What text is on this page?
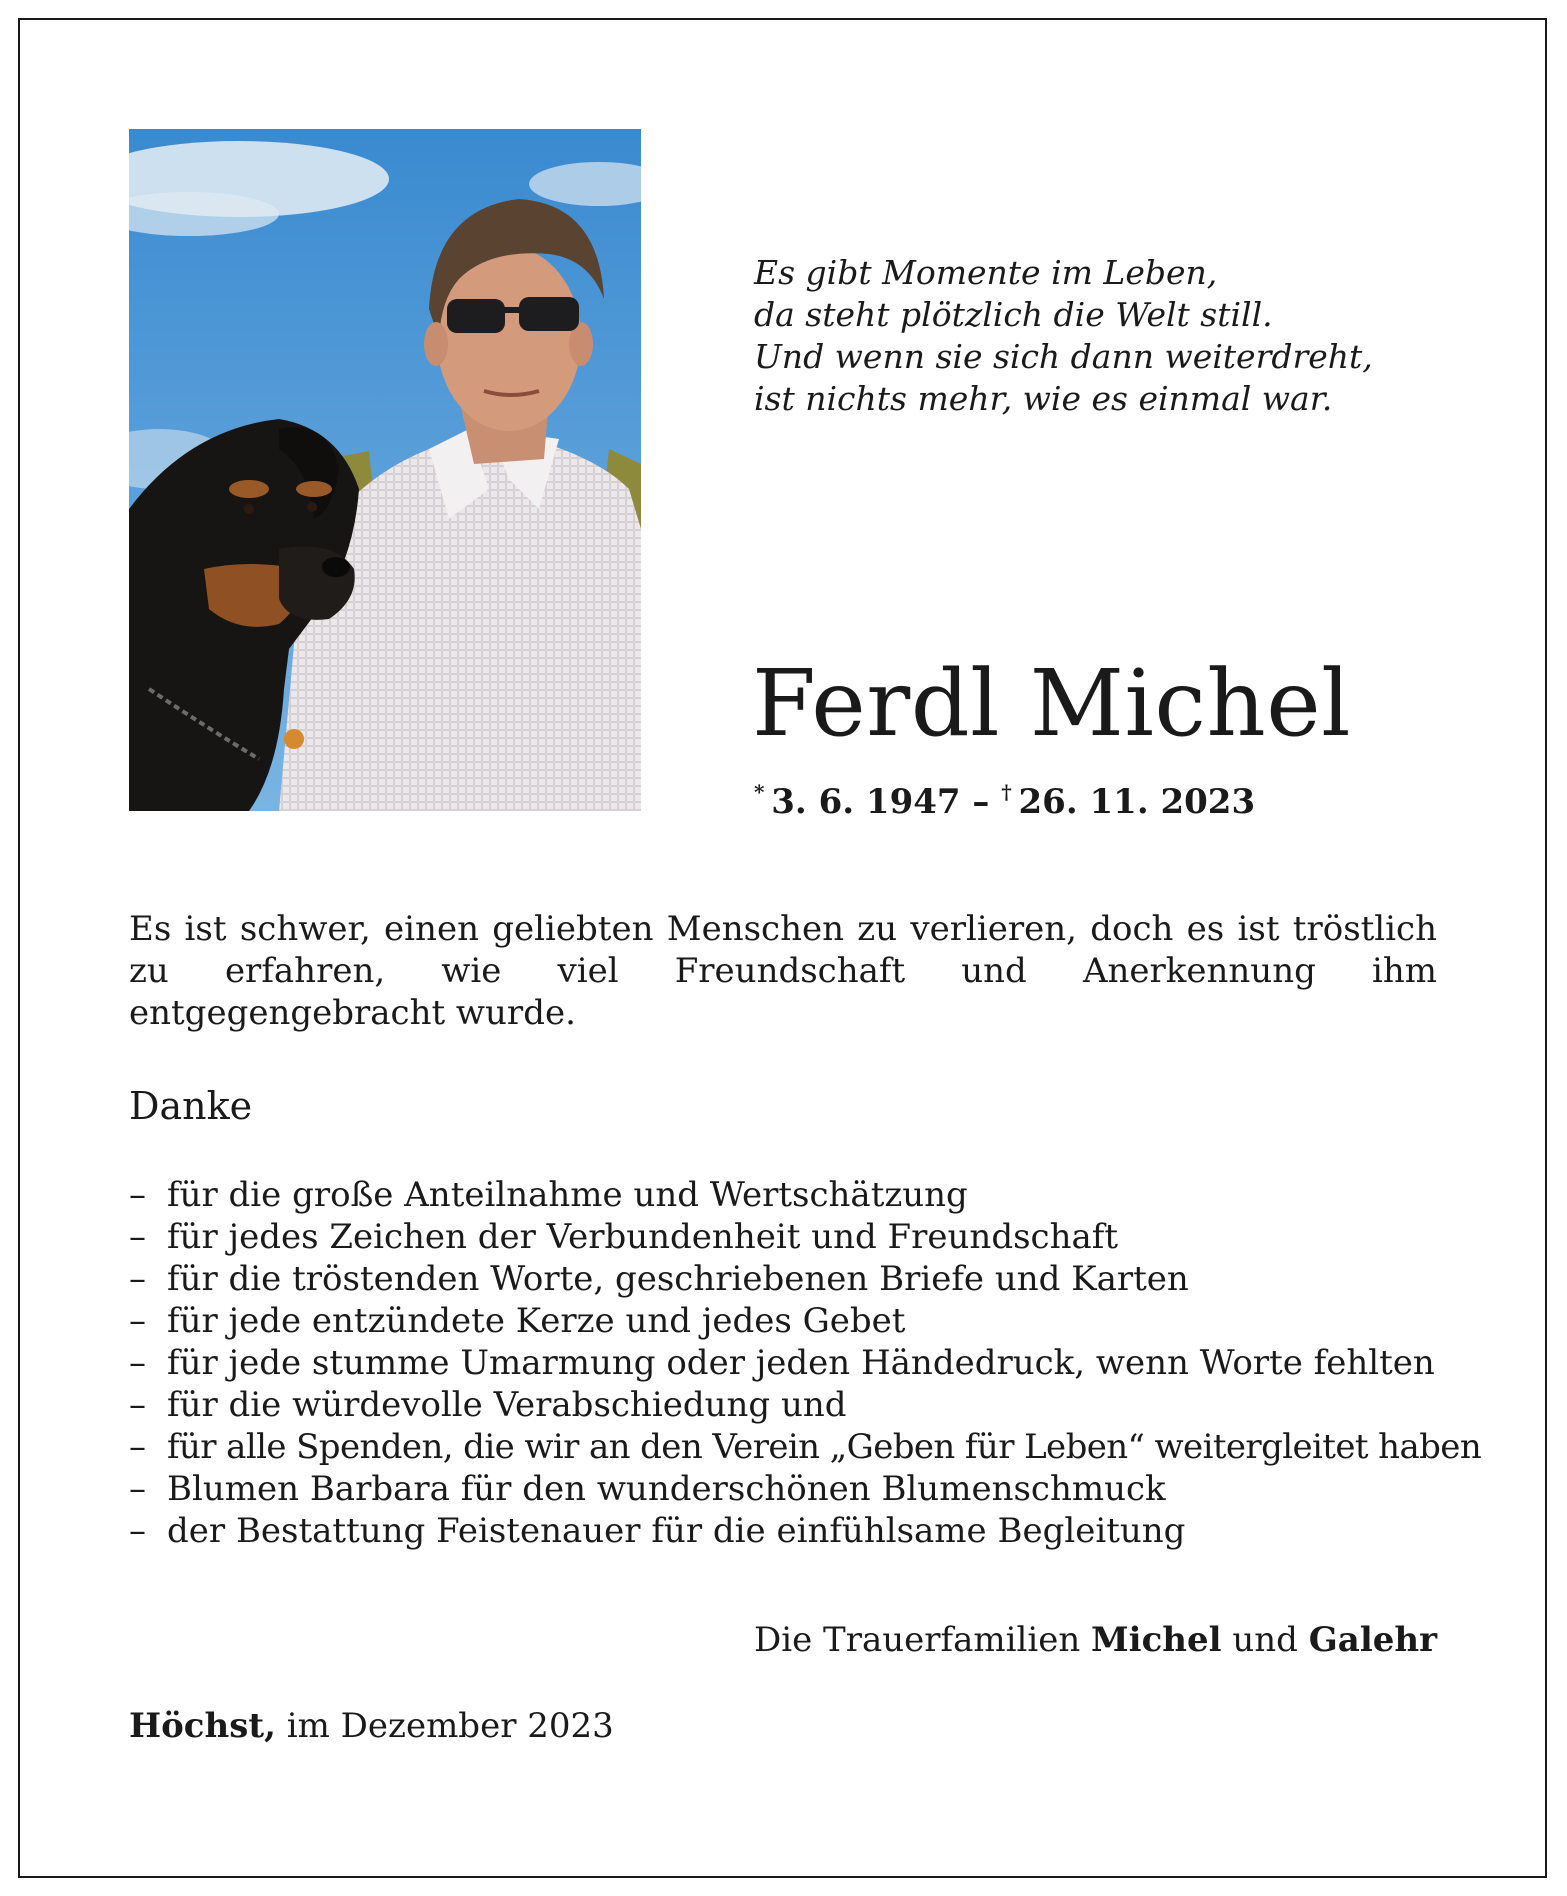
Es gibt Momente im Leben,
da steht plötzlich die Welt still.
Und wenn sie sich dann weiterdreht,
ist nichts mehr, wie es einmal war.
Ferdl Michel
*  3. 6. 1947 – †  26. 11. 2023
Es ist schwer, einen geliebten Menschen zu verlieren, doch es ist tröstlich zu erfahren, wie viel Freundschaft und Anerkennung ihm entgegengebracht wurde.
Danke
– für die große Anteilnahme und Wertschätzung
– für jedes Zeichen der Verbundenheit und Freundschaft
– für die tröstenden Worte, geschriebenen Briefe und Karten
– für jede entzündete Kerze und jedes Gebet
– für jede stumme Umarmung oder jeden Händedruck, wenn Worte fehlten
– für die würdevolle Verabschiedung und
– für alle Spenden, die wir an den Verein „Geben für Leben“ weitergleitet haben
– Blumen Barbara für den wunderschönen Blumenschmuck
– der Bestattung Feistenauer für die einfühlsame Begleitung
Die Trauerfamilien Michel und Galehr
Höchst, im Dezember 2023
